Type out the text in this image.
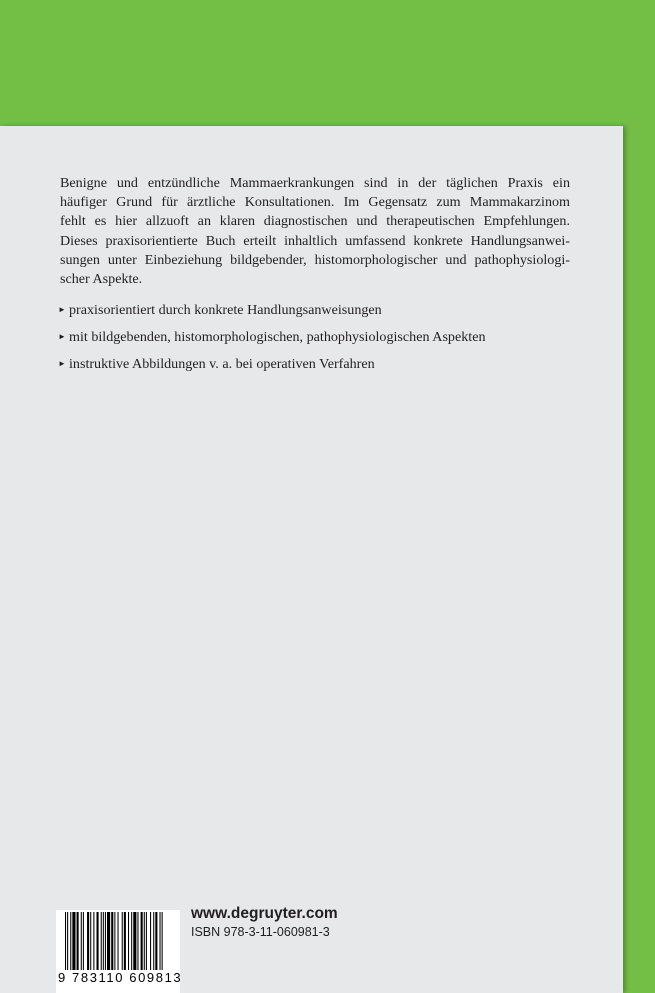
Benigne und entzündliche Mammaerkrankungen sind in der täglichen Praxis ein
häufiger Grund für ärztliche Konsultationen. Im Gegensatz zum Mammakarzinom
fehlt es hier allzuoft an klaren diagnostischen und therapeutischen Empfehlungen.
Dieses praxisorientierte Buch erteilt inhaltlich umfassend konkrete Handlungsanwei-
sungen unter Einbeziehung bildgebender, histomorphologischer und pathophysiologi-
scher Aspekte.

► praxisorientiert durch konkrete Handlungsanweisungen
► mit bildgebenden, histomorphologischen, pathophysiologischen Aspekten
► instruktive Abbildungen v. a. bei operativen Verfahren
9 783110 609813
www.degruyter.com
ISBN 978-3-11-060981-3
